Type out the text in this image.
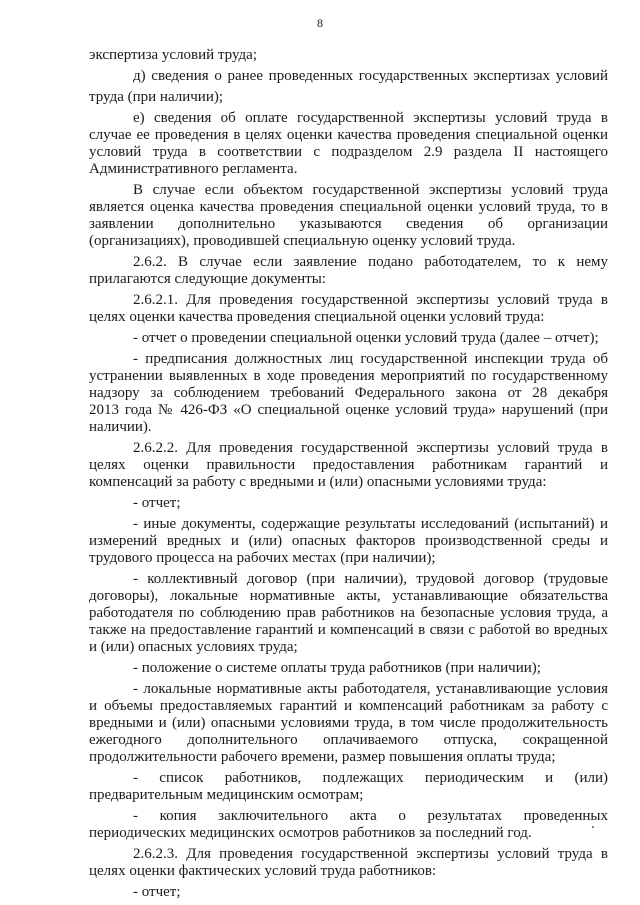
8
экспертиза условий труда;
д) сведения о ранее проведенных государственных экспертизах условий
труда (при наличии);
е) сведения об оплате государственной экспертизы условий труда в
случае ее проведения в целях оценки качества проведения специальной оценки
условий труда в соответствии с подразделом 2.9 раздела II настоящего
Административного регламента.
В случае если объектом государственной экспертизы условий труда
является оценка качества проведения специальной оценки условий труда, то в
заявлении дополнительно указываются сведения об организации
(организациях), проводившей специальную оценку условий труда.
2.6.2. В случае если заявление подано работодателем, то к нему
прилагаются следующие документы:
2.6.2.1. Для проведения государственной экспертизы условий труда в
целях оценки качества проведения специальной оценки условий труда:
- отчет о проведении специальной оценки условий труда (далее – отчет);
- предписания должностных лиц государственной инспекции труда об
устранении выявленных в ходе проведения мероприятий по государственному
надзору за соблюдением требований Федерального закона от 28 декабря
2013 года № 426-ФЗ «О специальной оценке условий труда» нарушений (при
наличии).
2.6.2.2. Для проведения государственной экспертизы условий труда в
целях оценки правильности предоставления работникам гарантий и
компенсаций за работу с вредными и (или) опасными условиями труда:
- отчет;
- иные документы, содержащие результаты исследований (испытаний) и
измерений вредных и (или) опасных факторов производственной среды и
трудового процесса на рабочих местах (при наличии);
- коллективный договор (при наличии), трудовой договор (трудовые
договоры), локальные нормативные акты, устанавливающие обязательства
работодателя по соблюдению прав работников на безопасные условия труда, а
также на предоставление гарантий и компенсаций в связи с работой во вредных
и (или) опасных условиях труда;
- положение о системе оплаты труда работников (при наличии);
- локальные нормативные акты работодателя, устанавливающие условия
и объемы предоставляемых гарантий и компенсаций работникам за работу с
вредными и (или) опасными условиями труда, в том числе продолжительность
ежегодного дополнительного оплачиваемого отпуска, сокращенной
продолжительности рабочего времени, размер повышения оплаты труда;
- список работников, подлежащих периодическим и (или)
предварительным медицинским осмотрам;
- копия заключительного акта о результатах проведенных
периодических медицинских осмотров работников за последний год.
2.6.2.3. Для проведения государственной экспертизы условий труда в
целях оценки фактических условий труда работников:
- отчет;
